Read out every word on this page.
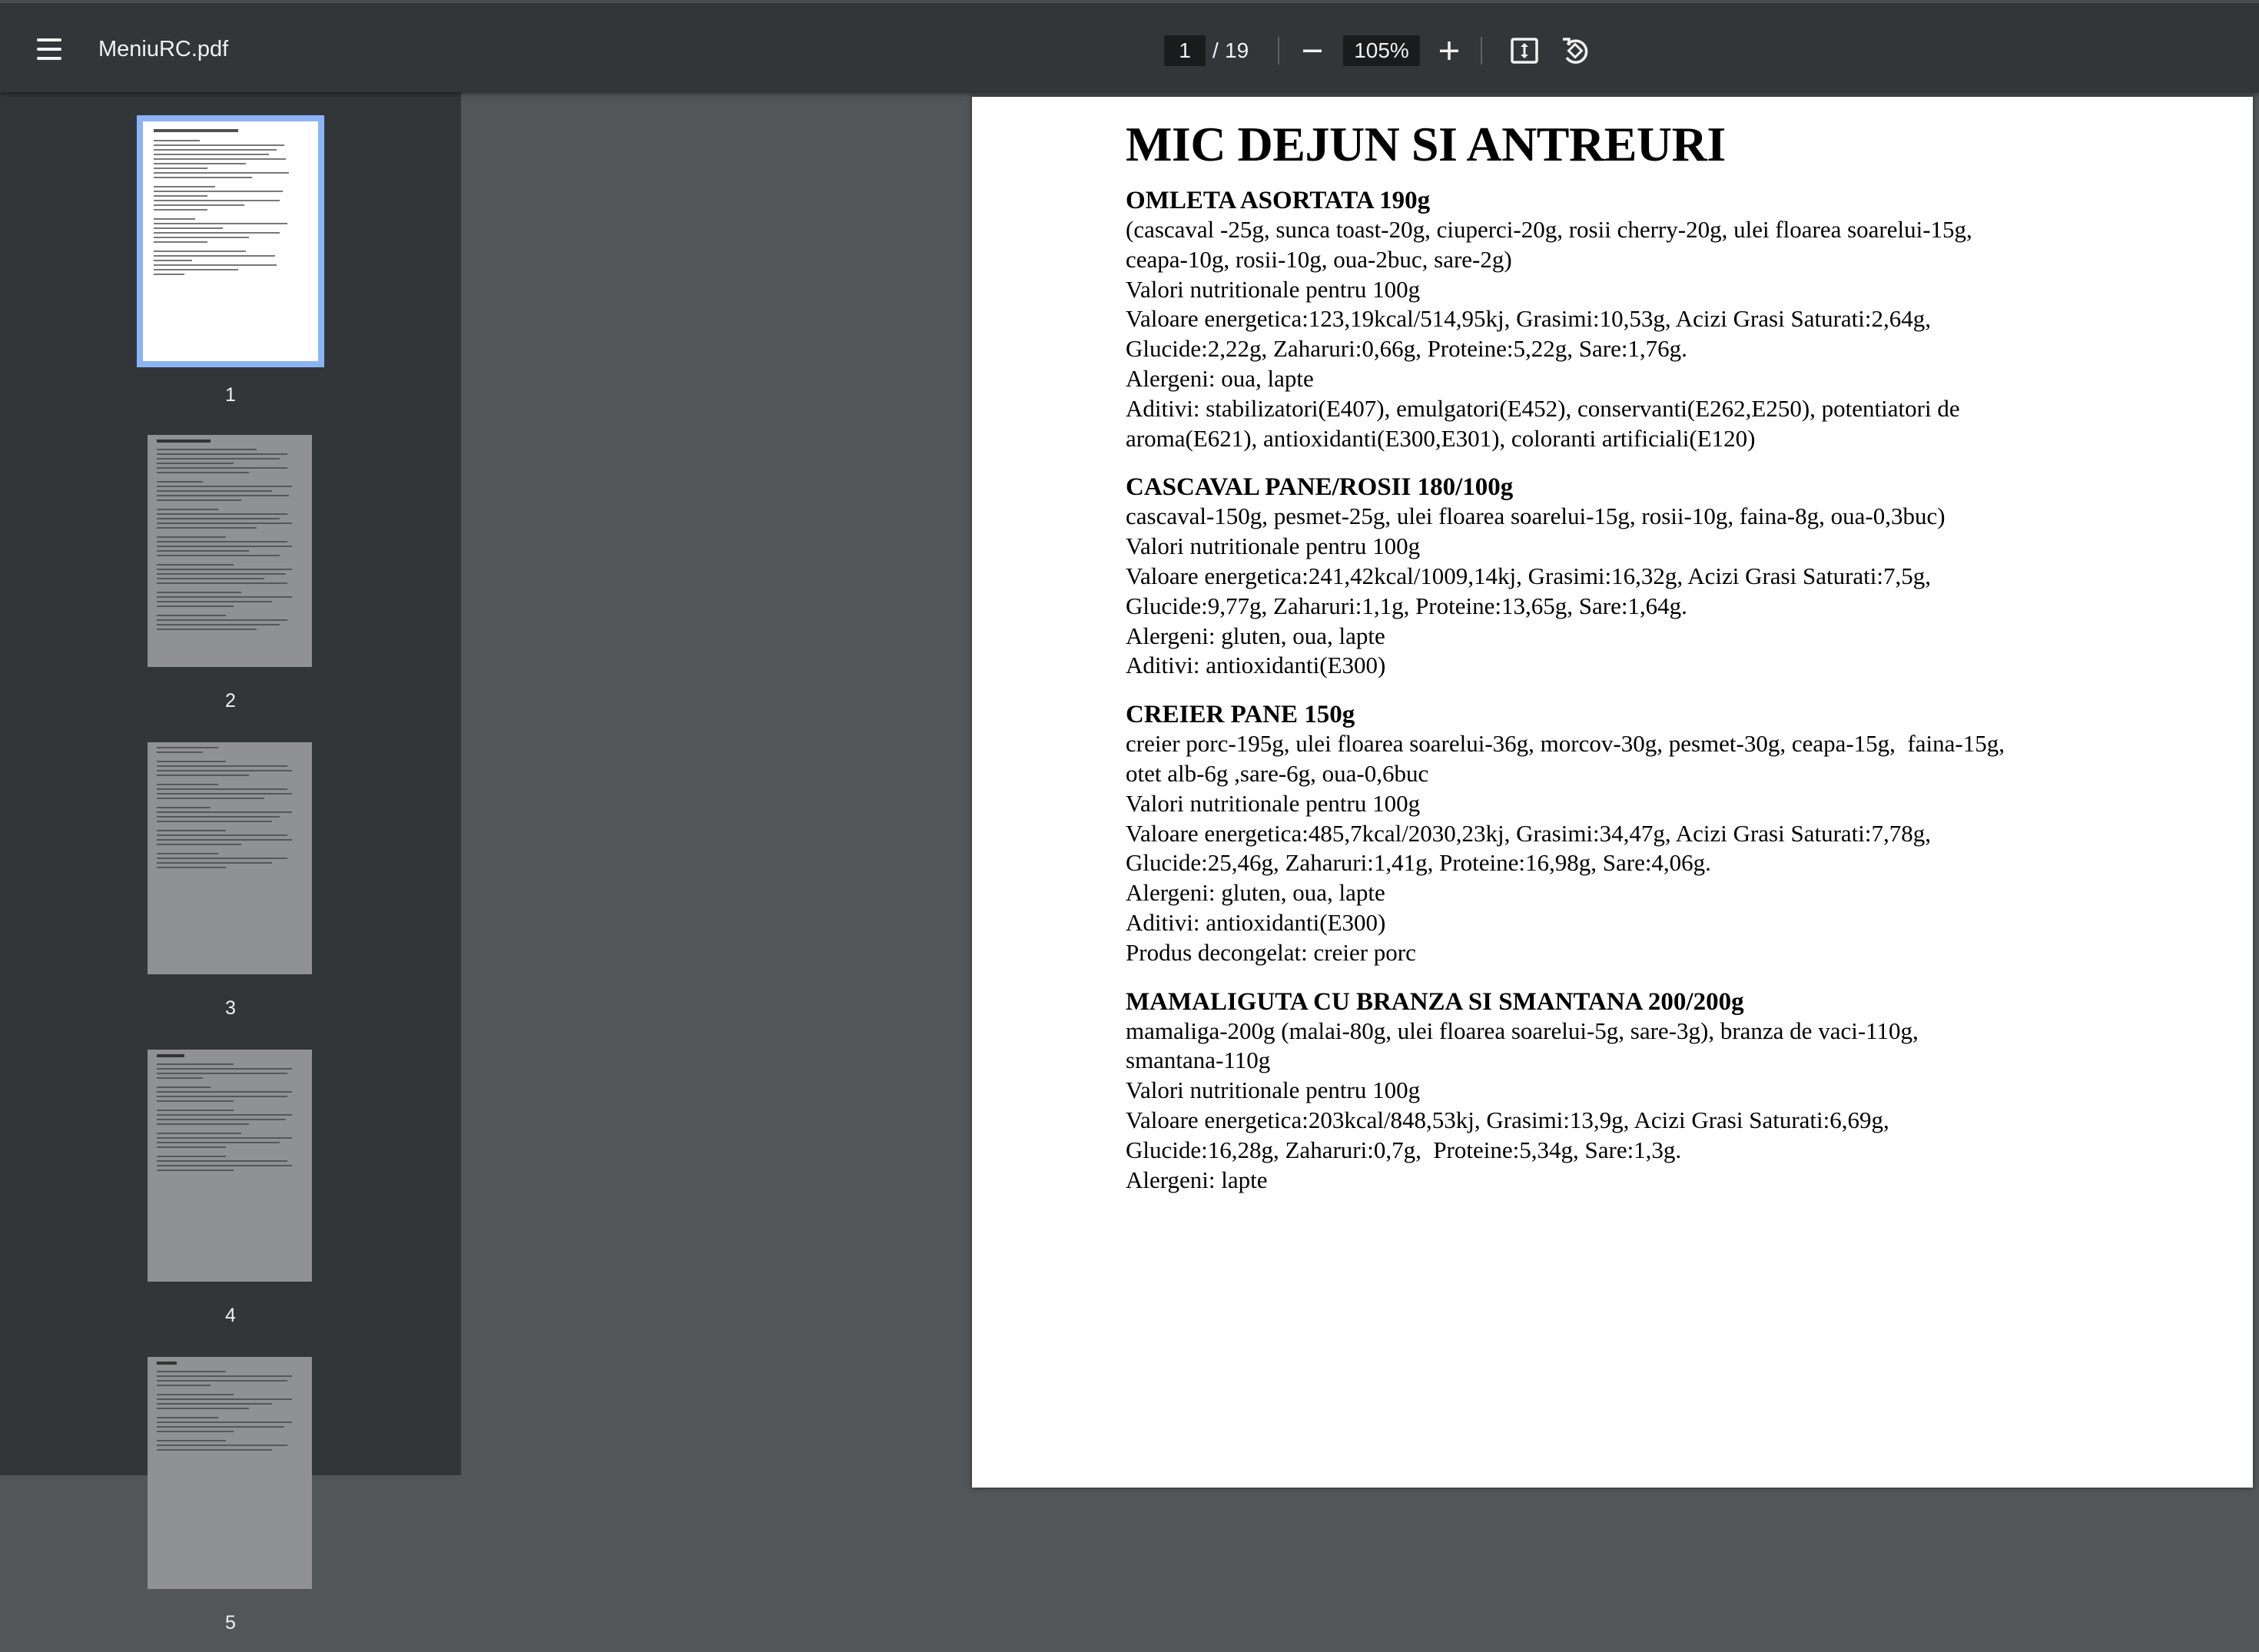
MeniuRC.pdf	1	/ 19	105%
1
2
3
4
5
MIC DEJUN SI ANTREURI
OMLETA ASORTATA 190g
(cascaval -25g, sunca toast-20g, ciuperci-20g, rosii cherry-20g, ulei floarea soarelui-15g,
ceapa-10g, rosii-10g, oua-2buc, sare-2g)
Valori nutritionale pentru 100g
Valoare energetica:123,19kcal/514,95kj, Grasimi:10,53g, Acizi Grasi Saturati:2,64g,
Glucide:2,22g, Zaharuri:0,66g, Proteine:5,22g, Sare:1,76g.
Alergeni: oua, lapte
Aditivi: stabilizatori(E407), emulgatori(E452), conservanti(E262,E250), potentiatori de
aroma(E621), antioxidanti(E300,E301), coloranti artificiali(E120)
CASCAVAL PANE/ROSII 180/100g
cascaval-150g, pesmet-25g, ulei floarea soarelui-15g, rosii-10g, faina-8g, oua-0,3buc)
Valori nutritionale pentru 100g
Valoare energetica:241,42kcal/1009,14kj, Grasimi:16,32g, Acizi Grasi Saturati:7,5g,
Glucide:9,77g, Zaharuri:1,1g, Proteine:13,65g, Sare:1,64g.
Alergeni: gluten, oua, lapte
Aditivi: antioxidanti(E300)
CREIER PANE 150g
creier porc-195g, ulei floarea soarelui-36g, morcov-30g, pesmet-30g, ceapa-15g,  faina-15g,
otet alb-6g ,sare-6g, oua-0,6buc
Valori nutritionale pentru 100g
Valoare energetica:485,7kcal/2030,23kj, Grasimi:34,47g, Acizi Grasi Saturati:7,78g,
Glucide:25,46g, Zaharuri:1,41g, Proteine:16,98g, Sare:4,06g.
Alergeni: gluten, oua, lapte
Aditivi: antioxidanti(E300)
Produs decongelat: creier porc
MAMALIGUTA CU BRANZA SI SMANTANA 200/200g
mamaliga-200g (malai-80g, ulei floarea soarelui-5g, sare-3g), branza de vaci-110g,
smantana-110g
Valori nutritionale pentru 100g
Valoare energetica:203kcal/848,53kj, Grasimi:13,9g, Acizi Grasi Saturati:6,69g,
Glucide:16,28g, Zaharuri:0,7g,  Proteine:5,34g, Sare:1,3g.
Alergeni: lapte
